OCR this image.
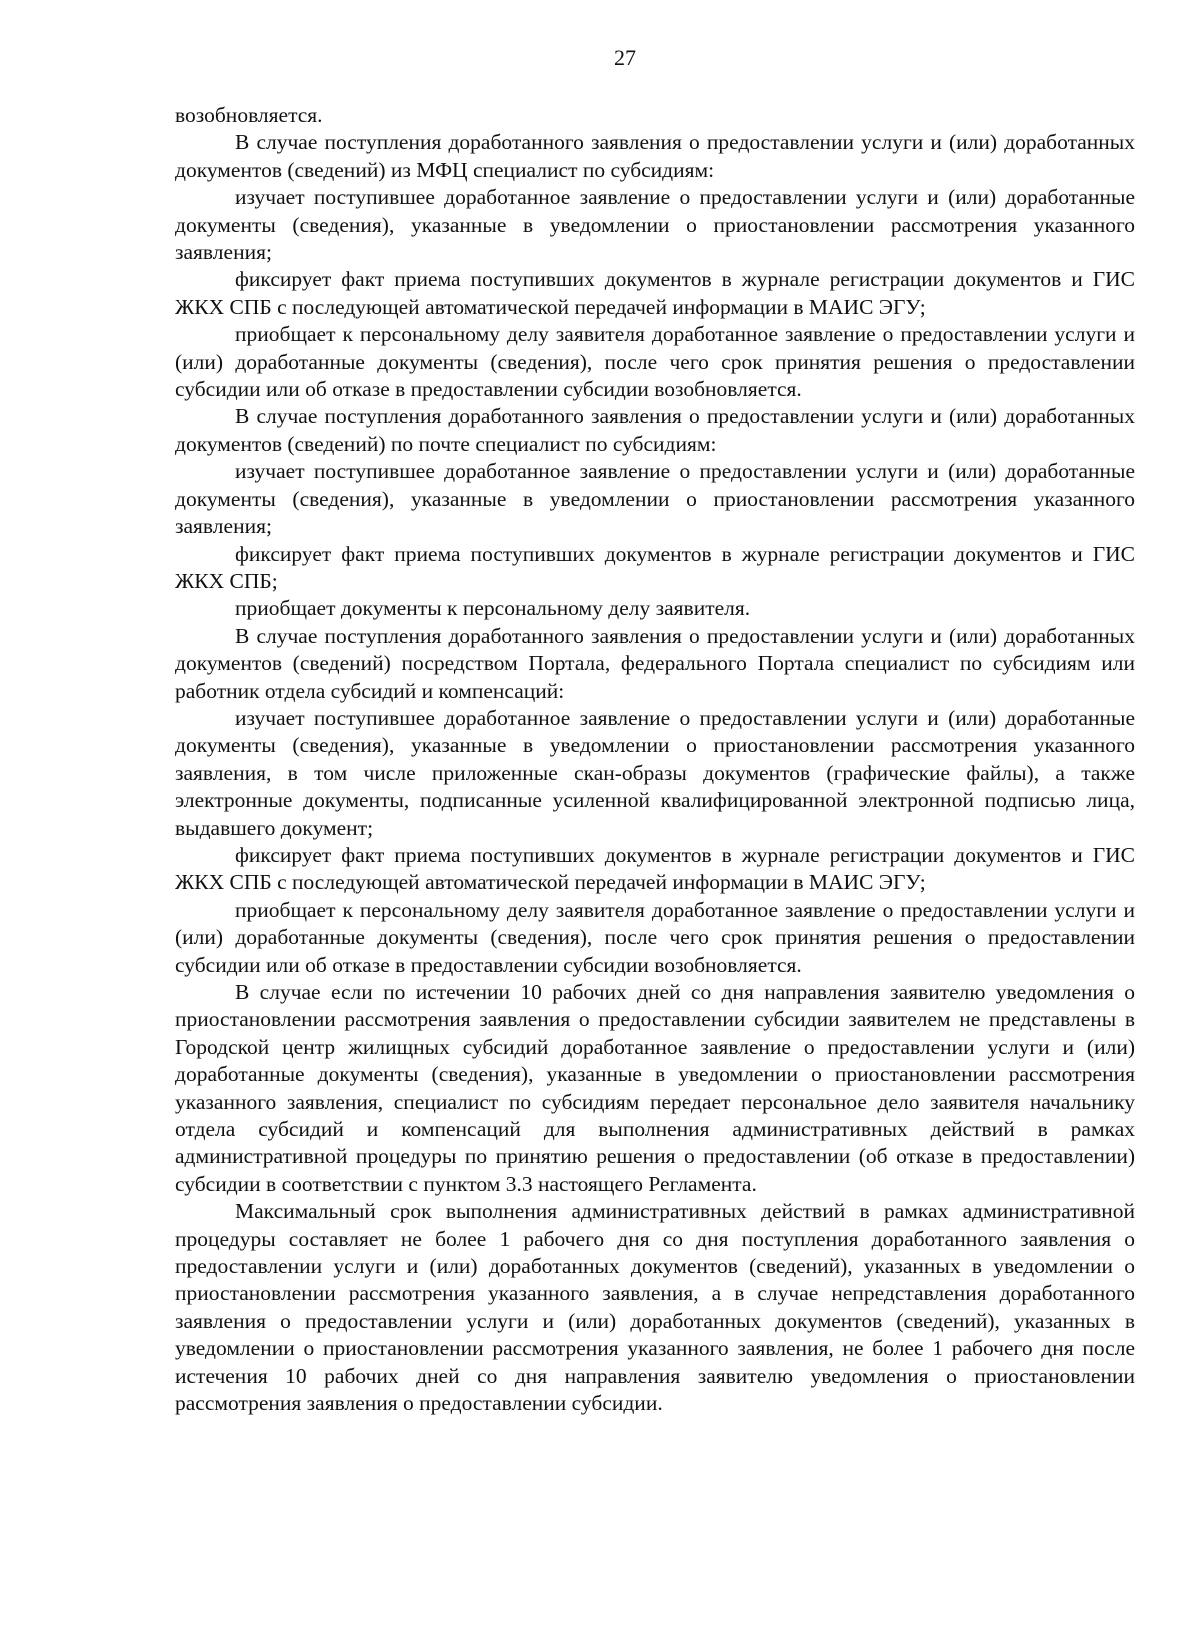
27

возобновляется.

В случае поступления доработанного заявления о предоставлении услуги и (или) доработанных документов (сведений) из МФЦ специалист по субсидиям:

изучает поступившее доработанное заявление о предоставлении услуги и (или) доработанные документы (сведения), указанные в уведомлении о приостановлении рассмотрения указанного заявления;

фиксирует факт приема поступивших документов в журнале регистрации документов и ГИС ЖКХ СПБ с последующей автоматической передачей информации в МАИС ЭГУ;

приобщает к персональному делу заявителя доработанное заявление о предоставлении услуги и (или) доработанные документы (сведения), после чего срок принятия решения о предоставлении субсидии или об отказе в предоставлении субсидии возобновляется.

В случае поступления доработанного заявления о предоставлении услуги и (или) доработанных документов (сведений) по почте специалист по субсидиям:

изучает поступившее доработанное заявление о предоставлении услуги и (или) доработанные документы (сведения), указанные в уведомлении о приостановлении рассмотрения указанного заявления;

фиксирует факт приема поступивших документов в журнале регистрации документов и ГИС ЖКХ СПБ;

приобщает документы к персональному делу заявителя.

В случае поступления доработанного заявления о предоставлении услуги и (или) доработанных документов (сведений) посредством Портала, федерального Портала специалист по субсидиям или работник отдела субсидий и компенсаций:

изучает поступившее доработанное заявление о предоставлении услуги и (или) доработанные документы (сведения), указанные в уведомлении о приостановлении рассмотрения указанного заявления, в том числе приложенные скан-образы документов (графические файлы), а также электронные документы, подписанные усиленной квалифицированной электронной подписью лица, выдавшего документ;

фиксирует факт приема поступивших документов в журнале регистрации документов и ГИС ЖКХ СПБ с последующей автоматической передачей информации в МАИС ЭГУ;

приобщает к персональному делу заявителя доработанное заявление о предоставлении услуги и (или) доработанные документы (сведения), после чего срок принятия решения о предоставлении субсидии или об отказе в предоставлении субсидии возобновляется.

В случае если по истечении 10 рабочих дней со дня направления заявителю уведомления о приостановлении рассмотрения заявления о предоставлении субсидии заявителем не представлены в Городской центр жилищных субсидий доработанное заявление о предоставлении услуги и (или) доработанные документы (сведения), указанные в уведомлении о приостановлении рассмотрения указанного заявления, специалист по субсидиям передает персональное дело заявителя начальнику отдела субсидий и компенсаций для выполнения административных действий в рамках административной процедуры по принятию решения о предоставлении (об отказе в предоставлении) субсидии в соответствии с пунктом 3.3 настоящего Регламента.

Максимальный срок выполнения административных действий в рамках административной процедуры составляет не более 1 рабочего дня со дня поступления доработанного заявления о предоставлении услуги и (или) доработанных документов (сведений), указанных в уведомлении о приостановлении рассмотрения указанного заявления, а в случае непредставления доработанного заявления о предоставлении услуги и (или) доработанных документов (сведений), указанных в уведомлении о приостановлении рассмотрения указанного заявления, не более 1 рабочего дня после истечения 10 рабочих дней со дня направления заявителю уведомления о приостановлении рассмотрения заявления о предоставлении субсидии.
